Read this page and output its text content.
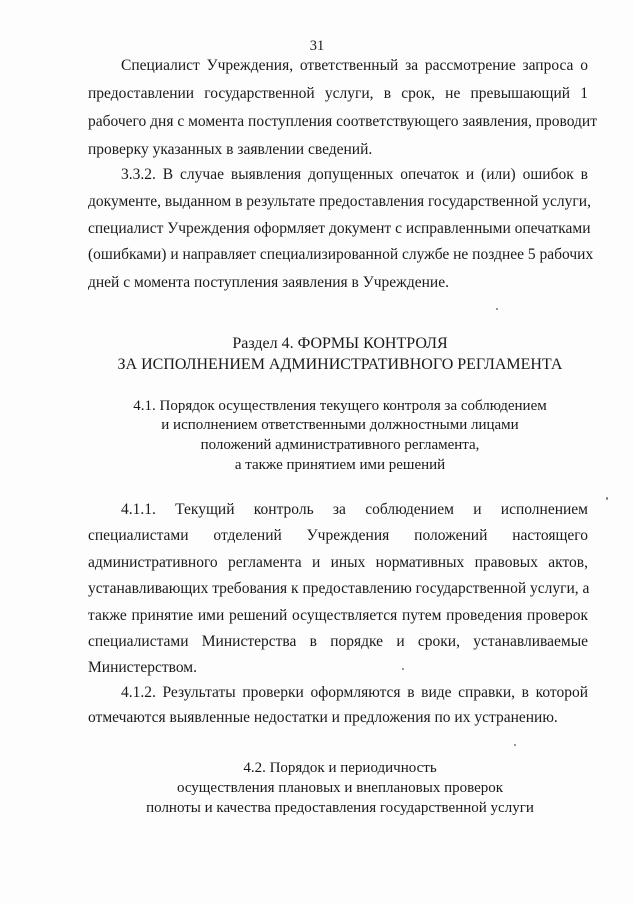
31
Специалист Учреждения, ответственный за рассмотрение запроса о
предоставлении государственной услуги, в срок, не превышающий 1
рабочего дня с момента поступления соответствующего заявления, проводит
проверку указанных в заявлении сведений.
3.3.2. В случае выявления допущенных опечаток и (или) ошибок в
документе, выданном в результате предоставления государственной услуги,
специалист Учреждения оформляет документ с исправленными опечатками
(ошибками) и направляет специализированной службе не позднее 5 рабочих
дней с момента поступления заявления в Учреждение.
Раздел 4. ФОРМЫ КОНТРОЛЯ
ЗА ИСПОЛНЕНИЕМ АДМИНИСТРАТИВНОГО РЕГЛАМЕНТА
4.1. Порядок осуществления текущего контроля за соблюдением
и исполнением ответственными должностными лицами
положений административного регламента,
а также принятием ими решений
4.1.1. Текущий контроль за соблюдением и исполнением
специалистами отделений Учреждения положений настоящего
административного регламента и иных нормативных правовых актов,
устанавливающих требования к предоставлению государственной услуги, а
также принятие ими решений осуществляется путем проведения проверок
специалистами Министерства в порядке и сроки, устанавливаемые
Министерством.
4.1.2. Результаты проверки оформляются в виде справки, в которой
отмечаются выявленные недостатки и предложения по их устранению.
4.2. Порядок и периодичность
осуществления плановых и внеплановых проверок
полноты и качества предоставления государственной услуги
